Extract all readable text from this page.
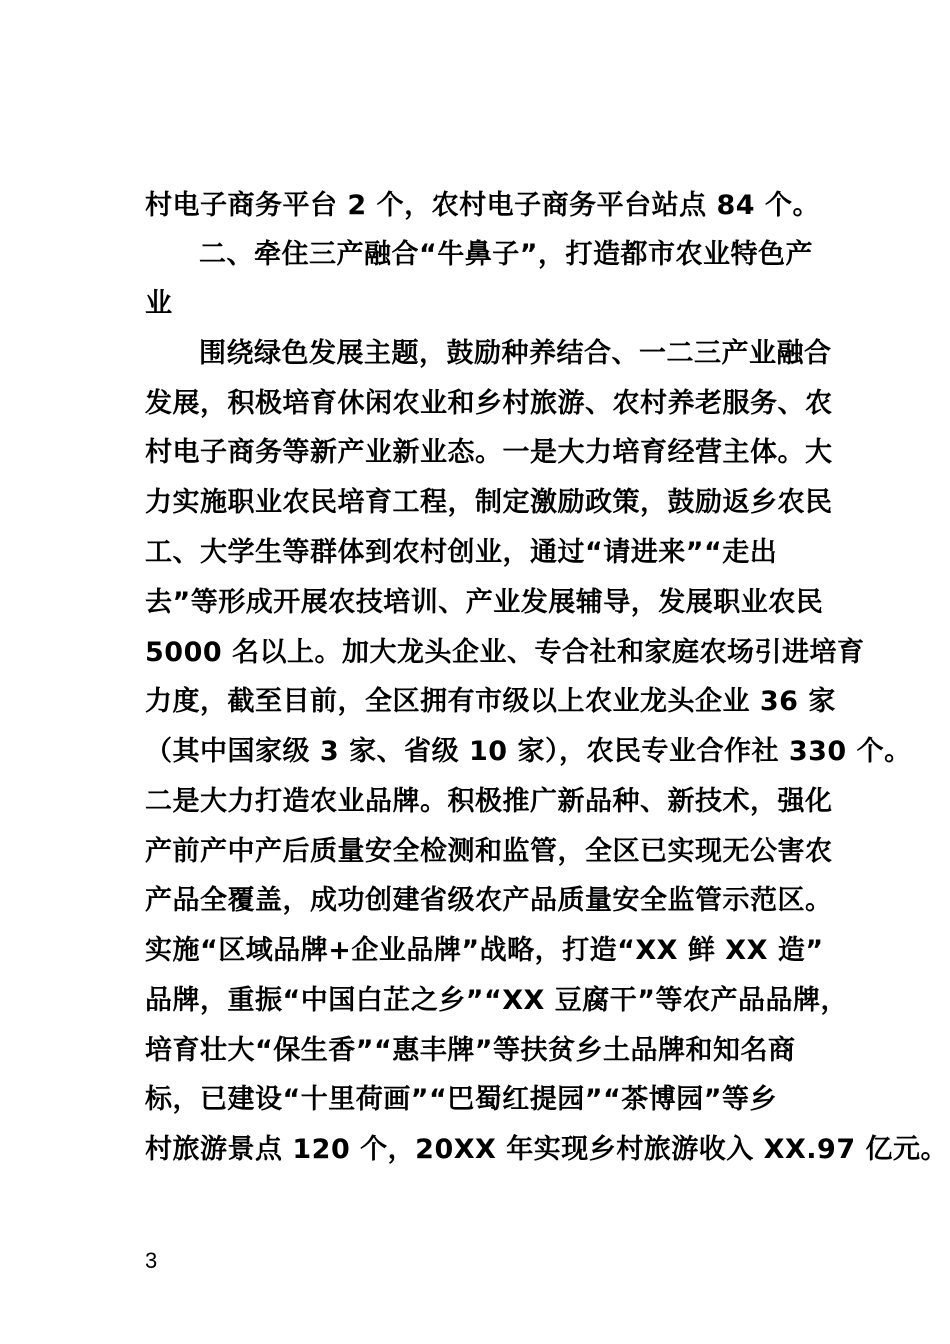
村电子商务平台 2 个，农村电子商务平台站点 84 个。
二、牵住三产融合“牛鼻子”，打造都市农业特色产
业
围绕绿色发展主题，鼓励种养结合、一二三产业融合
发展，积极培育休闲农业和乡村旅游、农村养老服务、农
村电子商务等新产业新业态。一是大力培育经营主体。大
力实施职业农民培育工程，制定激励政策，鼓励返乡农民
工、大学生等群体到农村创业，通过“请进来”“走出
去”等形成开展农技培训、产业发展辅导，发展职业农民
5000 名以上。加大龙头企业、专合社和家庭农场引进培育
力度，截至目前，全区拥有市级以上农业龙头企业 36 家
（其中国家级 3 家、省级 10 家），农民专业合作社 330 个。
二是大力打造农业品牌。积极推广新品种、新技术，强化
产前产中产后质量安全检测和监管，全区已实现无公害农
产品全覆盖，成功创建省级农产品质量安全监管示范区。
实施“区域品牌+企业品牌”战略，打造“XX 鲜 XX 造”
品牌，重振“中国白芷之乡”“XX 豆腐干”等农产品品牌，
培育壮大“保生香”“惠丰牌”等扶贫乡土品牌和知名商
标，已建设“十里荷画”“巴蜀红提园”“茶博园”等乡
村旅游景点 120 个，20XX 年实现乡村旅游收入 XX.97 亿元。
3
